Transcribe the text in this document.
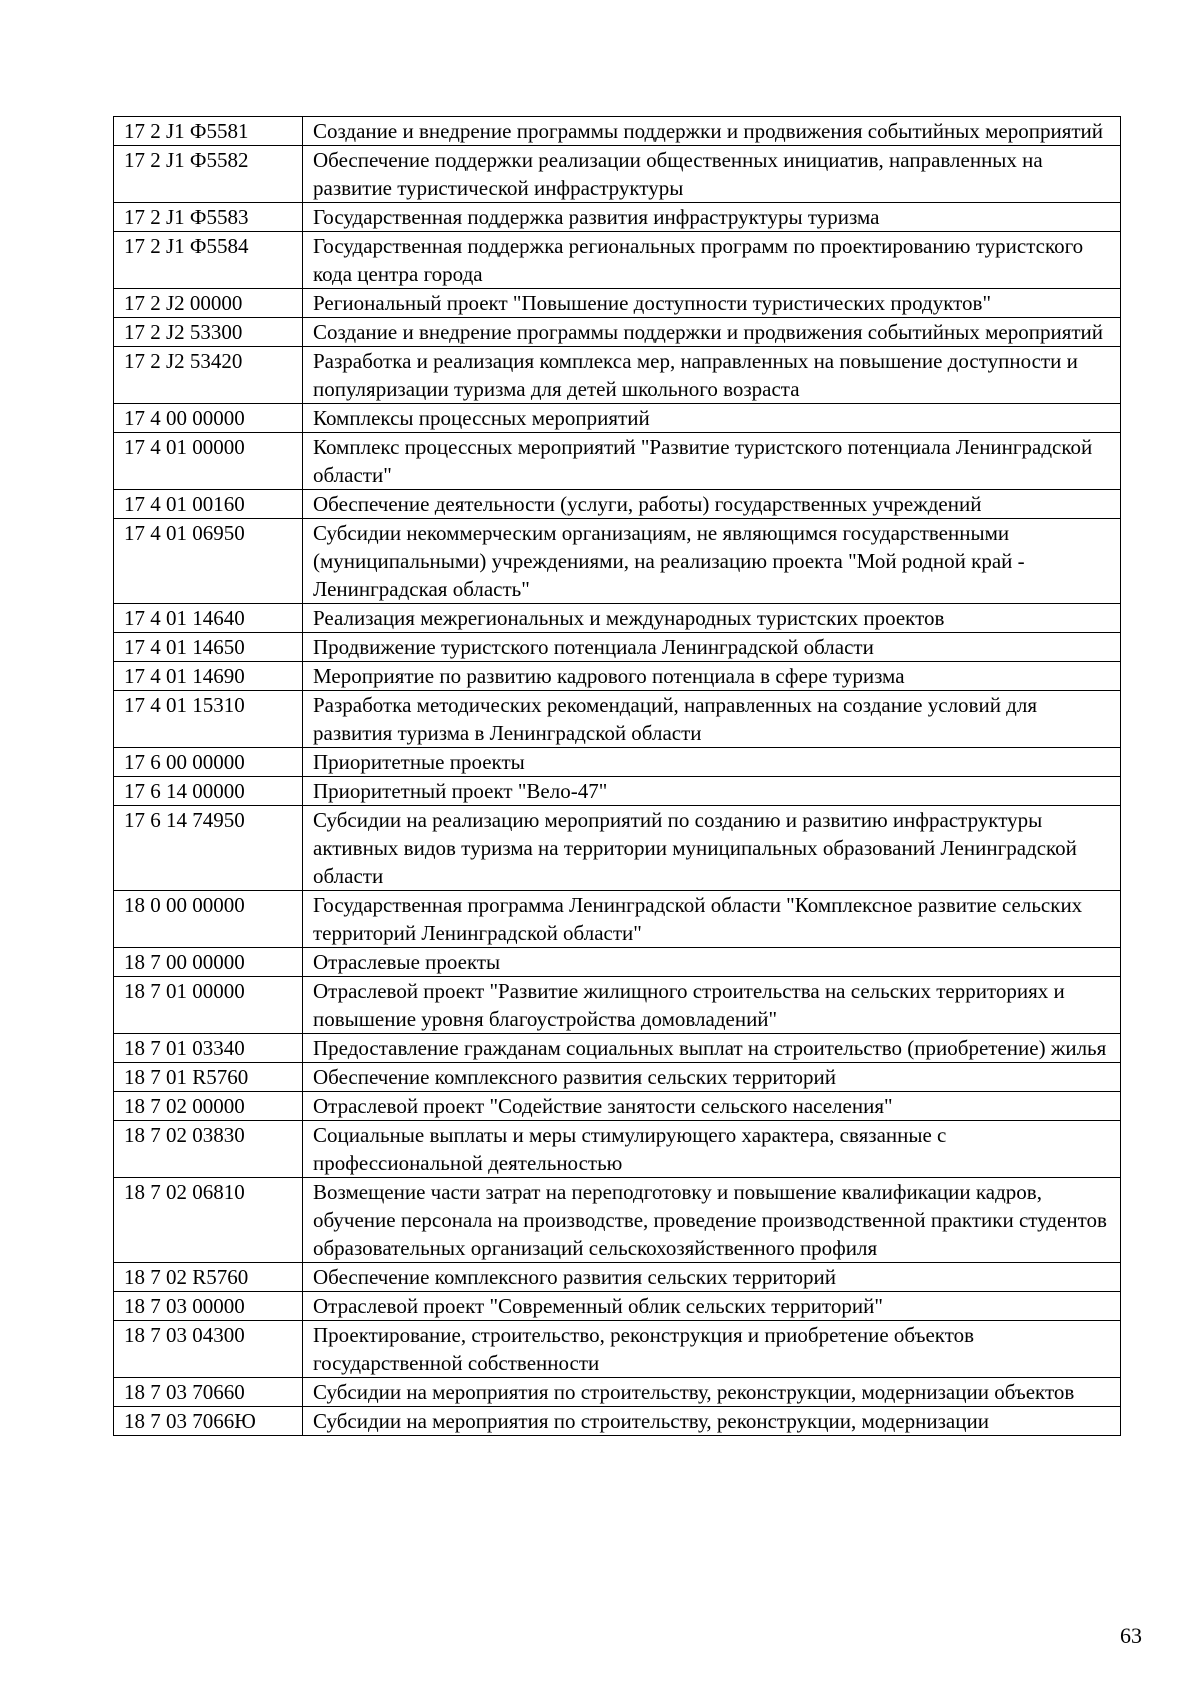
17 2 J1 Ф5581	Создание и внедрение программы поддержки и продвижения событийных мероприятий
17 2 J1 Ф5582	Обеспечение поддержки реализации общественных инициатив, направленных на развитие туристической инфраструктуры
17 2 J1 Ф5583	Государственная поддержка развития инфраструктуры туризма
17 2 J1 Ф5584	Государственная поддержка региональных программ по проектированию туристского кода центра города
17 2 J2 00000	Региональный проект "Повышение доступности туристических продуктов"
17 2 J2 53300	Создание и внедрение программы поддержки и продвижения событийных мероприятий
17 2 J2 53420	Разработка и реализация комплекса мер, направленных на повышение доступности и популяризации туризма для детей школьного возраста
17 4 00 00000	Комплексы процессных мероприятий
17 4 01 00000	Комплекс процессных мероприятий "Развитие туристского потенциала Ленинградской области"
17 4 01 00160	Обеспечение деятельности (услуги, работы) государственных учреждений
17 4 01 06950	Субсидии некоммерческим организациям, не являющимся государственными (муниципальными) учреждениями, на реализацию проекта "Мой родной край - Ленинградская область"
17 4 01 14640	Реализация межрегиональных и международных туристских проектов
17 4 01 14650	Продвижение туристского потенциала Ленинградской области
17 4 01 14690	Мероприятие по развитию кадрового потенциала в сфере туризма
17 4 01 15310	Разработка методических рекомендаций, направленных на создание условий для развития туризма в Ленинградской области
17 6 00 00000	Приоритетные проекты
17 6 14 00000	Приоритетный проект "Вело-47"
17 6 14 74950	Субсидии на реализацию мероприятий по созданию и развитию инфраструктуры активных видов туризма на территории муниципальных образований Ленинградской области
18 0 00 00000	Государственная программа Ленинградской области "Комплексное развитие сельских территорий Ленинградской области"
18 7 00 00000	Отраслевые проекты
18 7 01 00000	Отраслевой проект "Развитие жилищного строительства на сельских территориях и повышение уровня благоустройства домовладений"
18 7 01 03340	Предоставление гражданам социальных выплат на строительство (приобретение) жилья
18 7 01 R5760	Обеспечение комплексного развития сельских территорий
18 7 02 00000	Отраслевой проект "Содействие занятости сельского населения"
18 7 02 03830	Социальные выплаты и меры стимулирующего характера, связанные с профессиональной деятельностью
18 7 02 06810	Возмещение части затрат на переподготовку и повышение квалификации кадров, обучение персонала на производстве, проведение производственной практики студентов образовательных организаций сельскохозяйственного профиля
18 7 02 R5760	Обеспечение комплексного развития сельских территорий
18 7 03 00000	Отраслевой проект "Современный облик сельских территорий"
18 7 03 04300	Проектирование, строительство, реконструкция и приобретение объектов государственной собственности
18 7 03 70660	Субсидии на мероприятия по строительству, реконструкции, модернизации объектов
18 7 03 7066Ю	Субсидии на мероприятия по строительству, реконструкции, модернизации
63
